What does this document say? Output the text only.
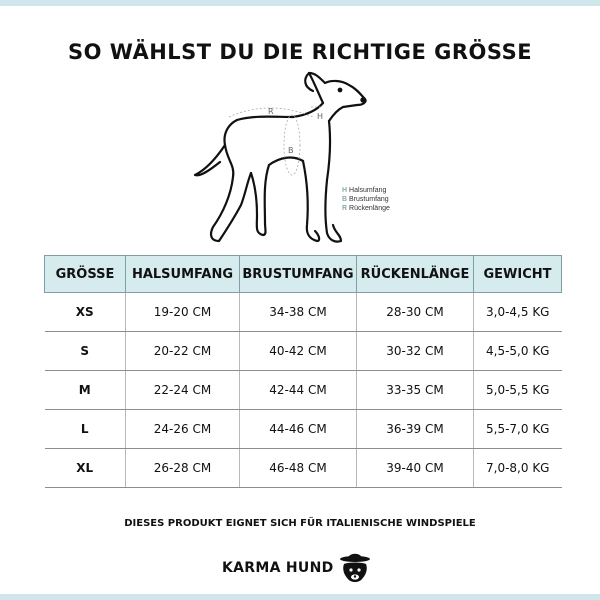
SO WÄHLST DU DIE RICHTIGE GRÖSSE
R
B
H
H Halsumfang
B Brustumfang
R Rückenlänge
GRÖSSE	HALSUMFANG	BRUSTUMFANG	RÜCKENLÄNGE	GEWICHT
XS	19-20 CM	34-38 CM	28-30 CM	3,0-4,5 KG
S	20-22 CM	40-42 CM	30-32 CM	4,5-5,0 KG
M	22-24 CM	42-44 CM	33-35 CM	5,0-5,5 KG
L	24-26 CM	44-46 CM	36-39 CM	5,5-7,0 KG
XL	26-28 CM	46-48 CM	39-40 CM	7,0-8,0 KG
DIESES PRODUKT EIGNET SICH FÜR ITALIENISCHE WINDSPIELE
KARMA HUND
